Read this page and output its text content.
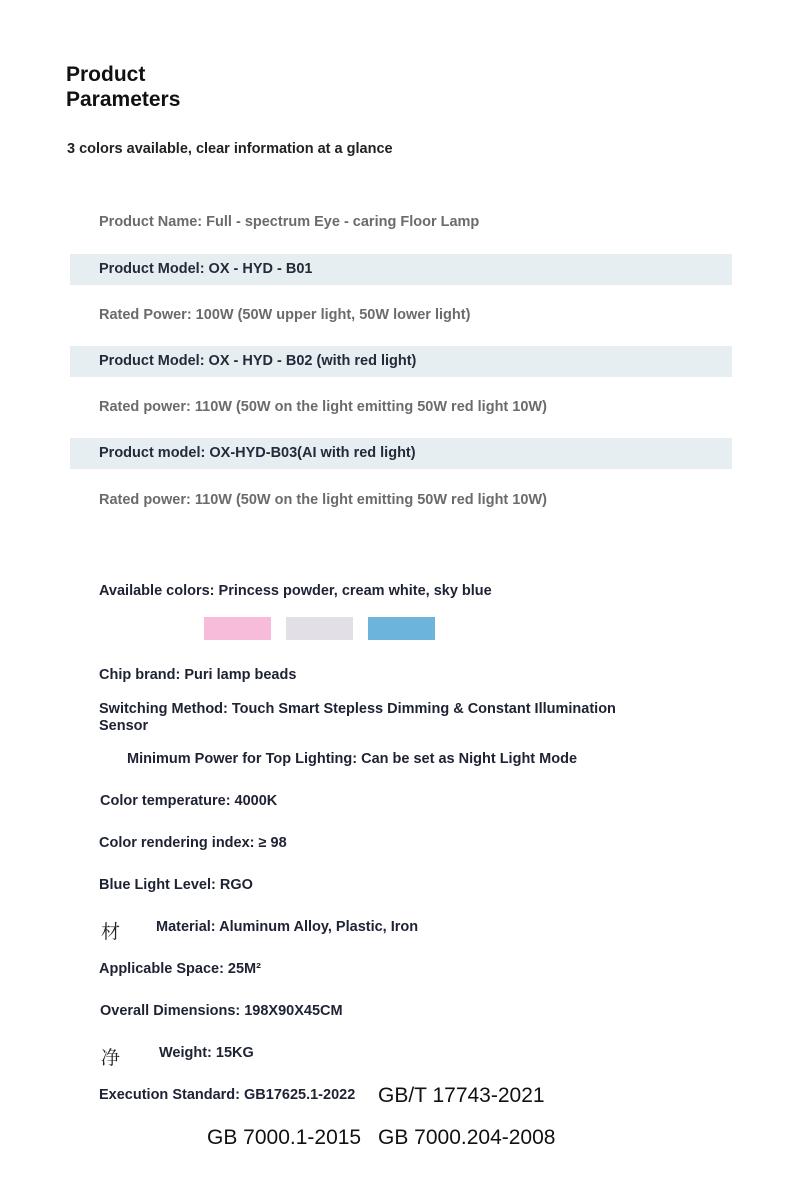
Product
Parameters
3 colors available, clear information at a glance
Product Name: Full - spectrum Eye - caring Floor Lamp
Product Model: OX - HYD - B01
Rated Power: 100W (50W upper light, 50W lower light)
Product Model: OX - HYD - B02 (with red light)
Rated power: 110W (50W on the light emitting 50W red light 10W)
Product model: OX-HYD-B03(AI with red light)
Rated power: 110W (50W on the light emitting 50W red light 10W)
Available colors: Princess powder, cream white, sky blue
Chip brand: Puri lamp beads
Switching Method: Touch Smart Stepless Dimming & Constant Illumination
Sensor
Minimum Power for Top Lighting: Can be set as Night Light Mode
Color temperature: 4000K
Color rendering index: ≥ 98
Blue Light Level: RGO
材 Material: Aluminum Alloy, Plastic, Iron
Applicable Space: 25M²
Overall Dimensions: 198X90X45CM
净	Weight: 15KG
Execution Standard: GB17625.1-2022 GB/T 17743-2021
GB 7000.1-2015 GB 7000.204-2008
